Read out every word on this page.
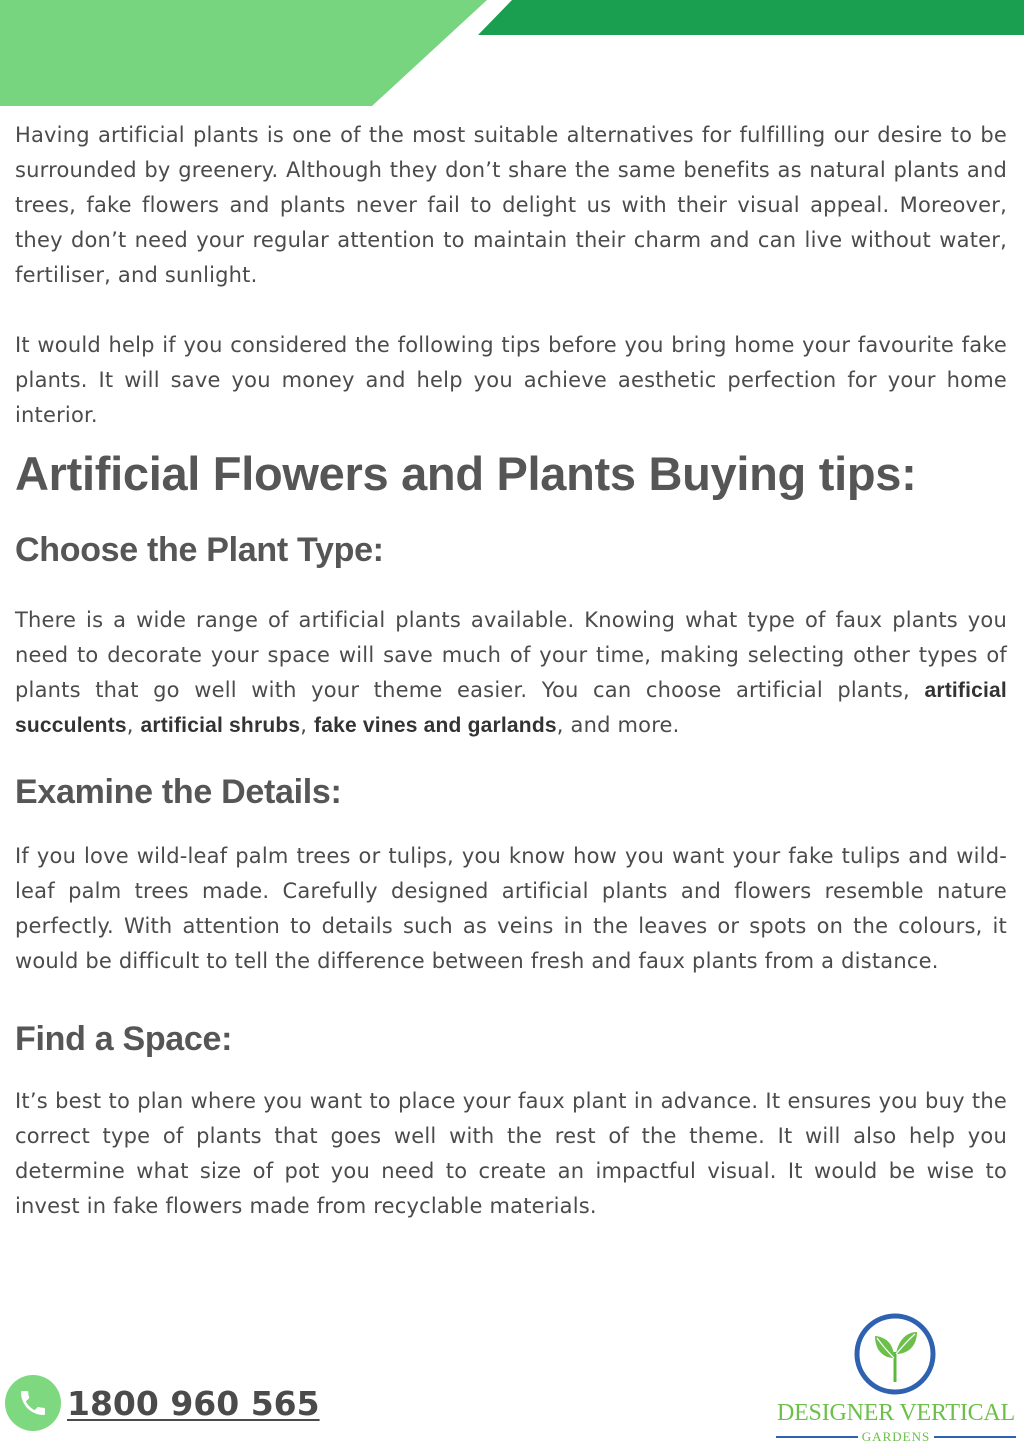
Having artificial plants is one of the most suitable alternatives for fulfilling our desire to be surrounded by greenery. Although they don’t share the same benefits as natural plants and trees, fake flowers and plants never fail to delight us with their visual appeal. Moreover, they don’t need your regular attention to maintain their charm and can live without water, fertiliser, and sunlight.

It would help if you considered the following tips before you bring home your favourite fake plants. It will save you money and help you achieve aesthetic perfection for your home interior.

Artificial Flowers and Plants Buying tips:
Choose the Plant Type:

There is a wide range of artificial plants available. Knowing what type of faux plants you need to decorate your space will save much of your time, making selecting other types of plants that go well with your theme easier. You can choose artificial plants, artificial succulents, artificial shrubs, fake vines and garlands, and more.

Examine the Details:

If you love wild-leaf palm trees or tulips, you know how you want your fake tulips and wild-leaf palm trees made. Carefully designed artificial plants and flowers resemble nature perfectly. With attention to details such as veins in the leaves or spots on the colours, it would be difficult to tell the difference between fresh and faux plants from a distance.

Find a Space:

It’s best to plan where you want to place your faux plant in advance. It ensures you buy the correct type of plants that goes well with the rest of the theme. It will also help you determine what size of pot you need to create an impactful visual. It would be wise to invest in fake flowers made from recyclable materials.

1800 960 565	DESIGNER VERTICAL
GARDENS
